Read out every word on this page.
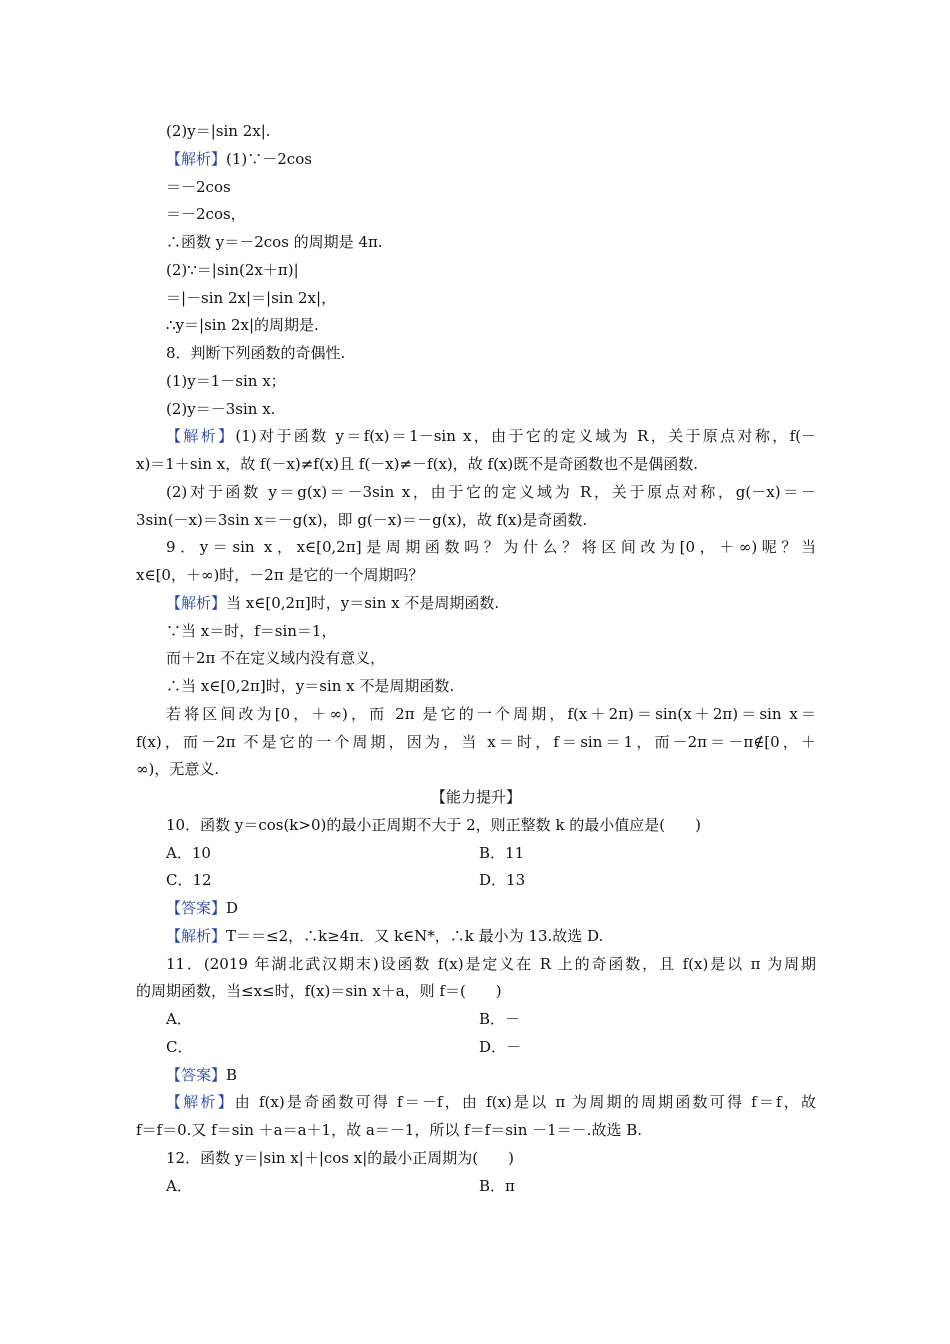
(2)y＝|sin 2x|.
【解析】(1)∵－2cos
＝－2cos
＝－2cos，
∴函数 y＝－2cos 的周期是 4π.
(2)∵＝|sin(2x＋π)|
＝|－sin 2x|＝|sin 2x|，
∴y＝|sin 2x|的周期是.
8．判断下列函数的奇偶性.
(1)y＝1－sin x；
(2)y＝－3sin x.
【解析】(1)对于函数 y＝f(x)＝1－sin x，由于它的定义域为 R，关于原点对称，f(－
x)＝1＋sin x，故 f(－x)≠f(x)且 f(－x)≠－f(x)，故 f(x)既不是奇函数也不是偶函数.
(2)对于函数 y＝g(x)＝－3sin x，由于它的定义域为 R，关于原点对称，g(－x)＝－
3sin(－x)＝3sin x＝－g(x)，即 g(－x)＝－g(x)，故 f(x)是奇函数.
9．y＝sin x，x∈[0,2π]是周期函数吗？为什么？将区间改为[0，＋∞)呢？当
x∈[0，＋∞)时，－2π 是它的一个周期吗？
【解析】当 x∈[0,2π]时，y＝sin x 不是周期函数.
∵当 x＝时，f＝sin＝1，
而＋2π 不在定义域内没有意义，
∴当 x∈[0,2π]时，y＝sin x 不是周期函数.
若将区间改为[0，＋∞)，而 2π 是它的一个周期，f(x＋2π)＝sin(x＋2π)＝sin x＝
f(x)，而－2π 不是它的一个周期，因为，当 x＝时，f＝sin＝1，而－2π＝－π∉[0，＋
∞)，无意义.
【能力提升】
10．函数 y＝cos(k>0)的最小正周期不大于 2，则正整数 k 的最小值应是(　　)
A．10	B．11
C．12	D．13
【答案】D
【解析】T＝＝≤2，∴k≥4π．又 k∈N*，∴k 最小为 13.故选 D.
11．(2019 年湖北武汉期末)设函数 f(x)是定义在 R 上的奇函数，且 f(x)是以 π 为周期
的周期函数，当≤x≤时，f(x)＝sin x＋a，则 f＝(　　)
A．	B．－
C．	D．－
【答案】B
【解析】由 f(x)是奇函数可得 f＝－f，由 f(x)是以 π 为周期的周期函数可得 f＝f，故
f＝f＝0.又 f＝sin ＋a＝a＋1，故 a＝－1，所以 f＝f＝sin －1＝－.故选 B.
12．函数 y＝|sin x|＋|cos x|的最小正周期为(　　)
A．	B．π
